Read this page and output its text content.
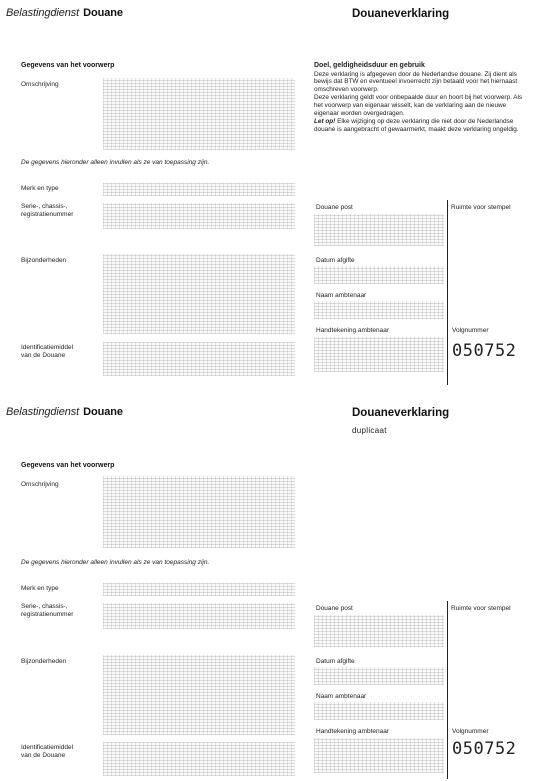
Belastingdienst Douane	Douaneverklaring
Gegevens van het voorwerp
Omschrijving
De gegevens hieronder alleen invullen als ze van toepassing zijn.
Merk en type
Serie-, chassis-,
registratienummer
Bijzonderheden
Identificatiemiddel
van de Douane

Doel, geldigheidsduur en gebruik

Deze verklaring is afgegeven door de Nederlandse douane. Zij dient als bewijs dat BTW en eventueel invoerrecht zijn betaald voor het hiernaast omschreven voorwerp.

Deze verklaring geldt voor onbepaalde duur en hoort bij het voorwerp. Als het voorwerp van eigenaar wisselt, kan de verklaring aan de nieuwe eigenaar worden overgedragen.

Let op! Elke wijziging op deze verklaring die niet door de Nederlandse douane is aangebracht of gewaarmerkt, maakt deze verklaring ongeldig.

Douane post	Ruimte voor stempel
Datum afgifte
Naam ambtenaar
Handtekening ambtenaar	Volgnummer
050752
Belastingdienst Douane	Douaneverklaring
duplicaat
Gegevens van het voorwerp
Omschrijving
De gegevens hieronder alleen invullen als ze van toepassing zijn.
Merk en type
Serie-, chassis-,
registratienummer
Bijzonderheden
Identificatiemiddel
van de Douane
Douane post	Ruimte voor stempel
Datum afgifte
Naam ambtenaar
Handtekening ambtenaar	Volgnummer
050752
